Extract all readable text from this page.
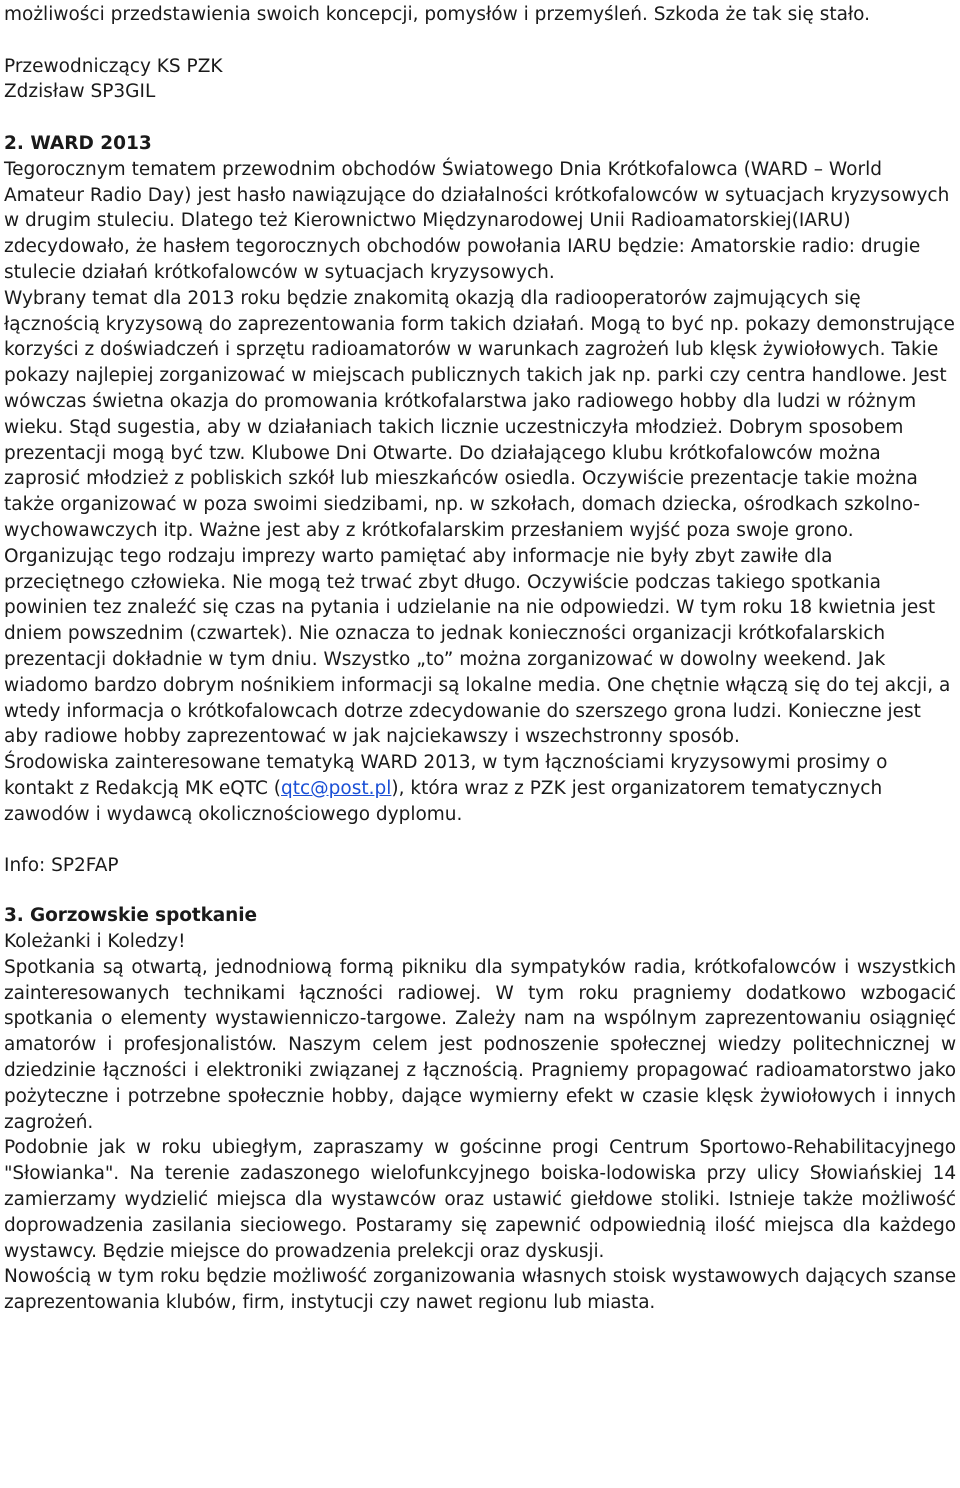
możliwości przedstawienia swoich koncepcji, pomysłów i przemyśleń. Szkoda że tak się stało.

Przewodniczący KS PZK

Zdzisław SP3GIL

2. WARD 2013

Tegorocznym tematem przewodnim obchodów Światowego Dnia Krótkofalowca (WARD – World Amateur Radio Day) jest hasło nawiązujące do działalności krótkofalowców w sytuacjach kryzysowych w drugim stuleciu. Dlatego też Kierownictwo Międzynarodowej Unii Radioamatorskiej(IARU) zdecydowało, że hasłem tegorocznych obchodów powołania IARU będzie: Amatorskie radio: drugie stulecie działań krótkofalowców w sytuacjach kryzysowych.

Wybrany temat dla 2013 roku będzie znakomitą okazją dla radiooperatorów zajmujących się łącznością kryzysową do zaprezentowania form takich działań. Mogą to być np. pokazy demonstrujące korzyści z doświadczeń i sprzętu radioamatorów w warunkach zagrożeń lub klęsk żywiołowych. Takie pokazy najlepiej zorganizować w miejscach publicznych takich jak np. parki czy centra handlowe. Jest wówczas świetna okazja do promowania krótkofalarstwa jako radiowego hobby dla ludzi w różnym wieku. Stąd sugestia, aby w działaniach takich licznie uczestniczyła młodzież. Dobrym sposobem prezentacji mogą być tzw. Klubowe Dni Otwarte. Do działającego klubu krótkofalowców można zaprosić młodzież z pobliskich szkół lub mieszkańców osiedla. Oczywiście prezentacje takie można także organizować w poza swoimi siedzibami, np. w szkołach, domach dziecka, ośrodkach szkolno-wychowawczych itp. Ważne jest aby z krótkofalarskim przesłaniem wyjść poza swoje grono. Organizując tego rodzaju imprezy warto pamiętać aby informacje nie były zbyt zawiłe dla przeciętnego człowieka. Nie mogą też trwać zbyt długo. Oczywiście podczas takiego spotkania powinien tez znaleźć się czas na pytania i udzielanie na nie odpowiedzi. W tym roku 18 kwietnia jest dniem powszednim (czwartek). Nie oznacza to jednak konieczności organizacji krótkofalarskich prezentacji dokładnie w tym dniu. Wszystko „to” można zorganizować w dowolny weekend. Jak wiadomo bardzo dobrym nośnikiem informacji są lokalne media. One chętnie włączą się do tej akcji, a wtedy informacja o krótkofalowcach dotrze zdecydowanie do szerszego grona ludzi. Konieczne jest aby radiowe hobby zaprezentować w jak najciekawszy i wszechstronny sposób.

Środowiska zainteresowane tematyką WARD 2013, w tym łącznościami kryzysowymi prosimy o kontakt z Redakcją MK eQTC (qtc@post.pl), która wraz z PZK jest organizatorem tematycznych zawodów i wydawcą okolicznościowego dyplomu.

Info: SP2FAP

3. Gorzowskie spotkanie

Koleżanki i Koledzy!

Spotkania są otwartą, jednodniową formą pikniku dla sympatyków radia, krótkofalowców i wszystkich zainteresowanych technikami łączności radiowej. W tym roku pragniemy dodatkowo wzbogacić spotkania o elementy wystawienniczo-targowe. Zależy nam na wspólnym zaprezentowaniu osiągnięć amatorów i profesjonalistów. Naszym celem jest podnoszenie społecznej wiedzy politechnicznej w dziedzinie łączności i elektroniki związanej z łącznością. Pragniemy propagować radioamatorstwo jako pożyteczne i potrzebne społecznie hobby, dające wymierny efekt w czasie klęsk żywiołowych i innych zagrożeń.

Podobnie jak w roku ubiegłym, zapraszamy w gościnne progi Centrum Sportowo-Rehabilitacyjnego "Słowianka". Na terenie zadaszonego wielofunkcyjnego boiska-lodowiska przy ulicy Słowiańskiej 14 zamierzamy wydzielić miejsca dla wystawców oraz ustawić giełdowe stoliki. Istnieje także możliwość doprowadzenia zasilania sieciowego. Postaramy się zapewnić odpowiednią ilość miejsca dla każdego wystawcy. Będzie miejsce do prowadzenia prelekcji oraz dyskusji.

Nowością w tym roku będzie możliwość zorganizowania własnych stoisk wystawowych dających szanse zaprezentowania klubów, firm, instytucji czy nawet regionu lub miasta.
